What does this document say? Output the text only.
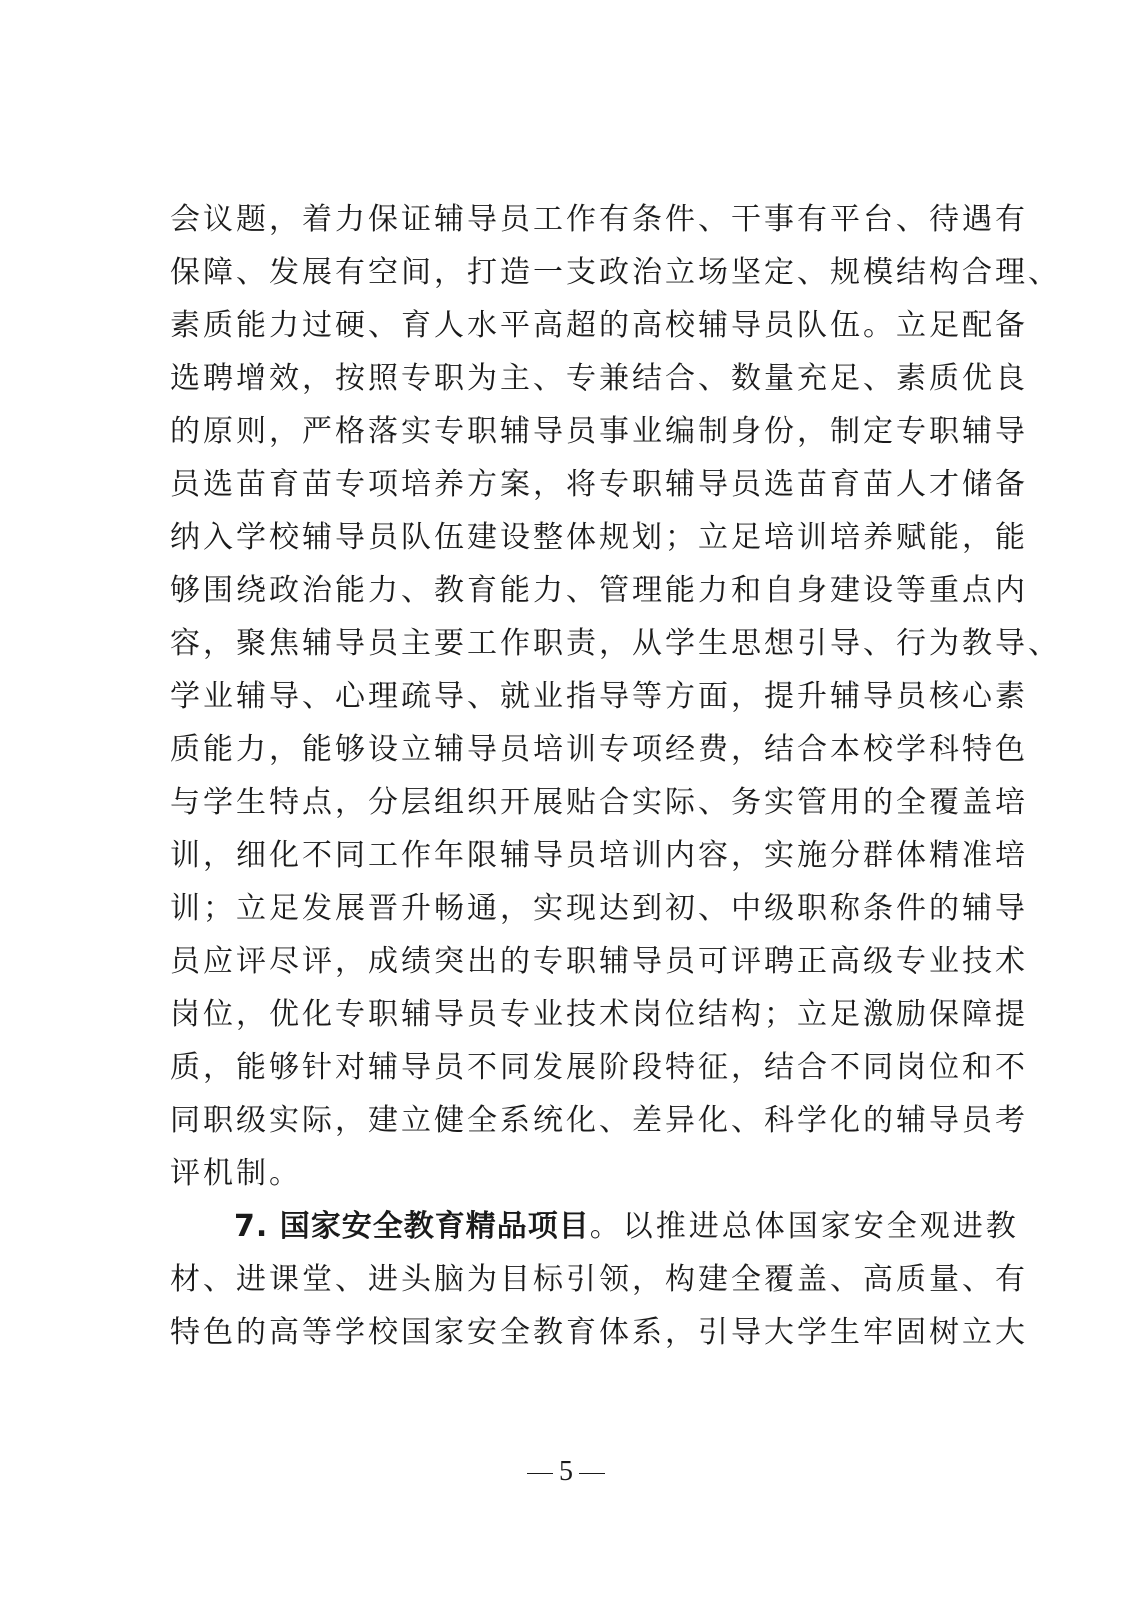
会议题，着力保证辅导员工作有条件、干事有平台、待遇有
保障、发展有空间，打造一支政治立场坚定、规模结构合理、
素质能力过硬、育人水平高超的高校辅导员队伍。立足配备
选聘增效，按照专职为主、专兼结合、数量充足、素质优良
的原则，严格落实专职辅导员事业编制身份，制定专职辅导
员选苗育苗专项培养方案，将专职辅导员选苗育苗人才储备
纳入学校辅导员队伍建设整体规划；立足培训培养赋能，能
够围绕政治能力、教育能力、管理能力和自身建设等重点内
容，聚焦辅导员主要工作职责，从学生思想引导、行为教导、
学业辅导、心理疏导、就业指导等方面，提升辅导员核心素
质能力，能够设立辅导员培训专项经费，结合本校学科特色
与学生特点，分层组织开展贴合实际、务实管用的全覆盖培
训，细化不同工作年限辅导员培训内容，实施分群体精准培
训；立足发展晋升畅通，实现达到初、中级职称条件的辅导
员应评尽评，成绩突出的专职辅导员可评聘正高级专业技术
岗位，优化专职辅导员专业技术岗位结构；立足激励保障提
质，能够针对辅导员不同发展阶段特征，结合不同岗位和不
同职级实际，建立健全系统化、差异化、科学化的辅导员考
评机制。
7. 国家安全教育精品项目。以推进总体国家安全观进教
材、进课堂、进头脑为目标引领，构建全覆盖、高质量、有
特色的高等学校国家安全教育体系，引导大学生牢固树立大
5
